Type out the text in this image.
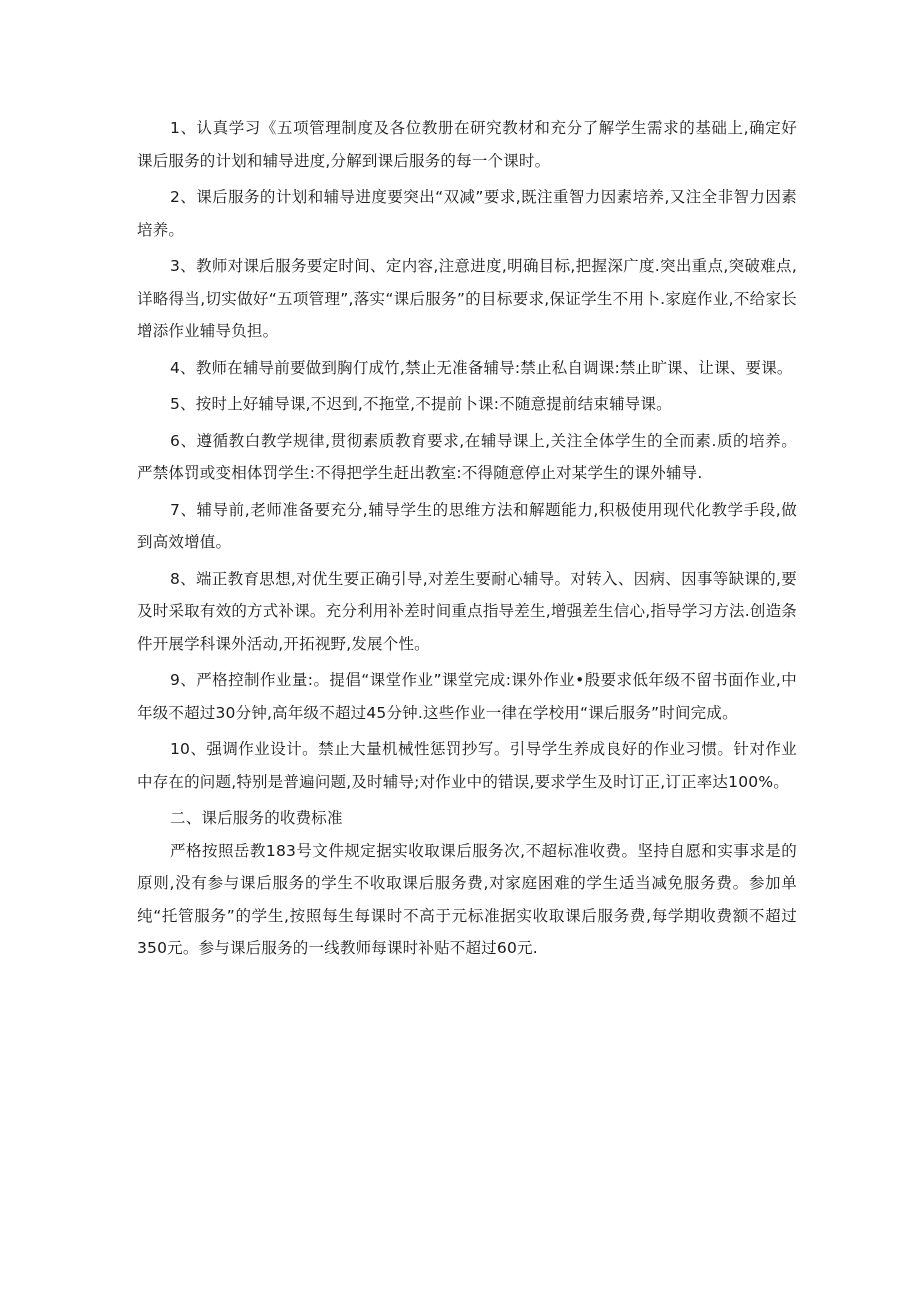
1、认真学习《五项管理制度及各位教册在研究教材和充分了解学生需求的基础上,确定好课后服务的计划和辅导进度,分解到课后服务的每一个课时。

2、课后服务的计划和辅导进度要突出“双减”要求,既注重智力因素培养,又注全非智力因素培养。

3、教师对课后服务要定时间、定内容,注意进度,明确目标,把握深广度.突出重点,突破难点,详略得当,切实做好“五项管理”,落实“课后服务”的目标要求,保证学生不用卜.家庭作业,不给家长增添作业辅导负担。

4、教师在辅导前要做到胸仃成竹,禁止无准备辅导:禁止私自调课:禁止旷课、让课、要课。

5、按时上好辅导课,不迟到,不拖堂,不提前卜课:不随意提前结束辅导课。

6、遵循教白教学规律,贯彻素质教育要求,在辅导课上,关注全体学生的全而素.质的培养。严禁体罚或变相体罚学生:不得把学生赶出教室:不得随意停止对某学生的课外辅导.

7、辅导前,老师准备要充分,辅导学生的思维方法和解题能力,积极使用现代化教学手段,做到高效增值。

8、端正教育思想,对优生要正确引导,对差生要耐心辅导。对转入、因病、因事等缺课的,要及时采取有效的方式补课。充分利用补差时间重点指导差生,增强差生信心,指导学习方法.创造条件开展学科课外活动,开拓视野,发展个性。

9、严格控制作业量:。提倡“课堂作业”课堂完成:课外作业•殷要求低年级不留书面作业,中年级不超过30分钟,高年级不超过45分钟.这些作业一律在学校用“课后服务”时间完成。

10、强调作业设计。禁止大量机械性惩罚抄写。引导学生养成良好的作业习惯。针对作业中存在的问题,特别是普遍问题,及时辅导;对作业中的错误,要求学生及时订正,订正率达100%。

二、课后服务的收费标准

严格按照岳教183号文件规定据实收取课后服务次,不超标准收费。坚持自愿和实事求是的原则,没有参与课后服务的学生不收取课后服务费,对家庭困难的学生适当减免服务费。参加单纯“托管服务”的学生,按照每生每课时不高于元标准据实收取课后服务费,每学期收费额不超过350元。参与课后服务的一线教师每课时补贴不超过60元.
